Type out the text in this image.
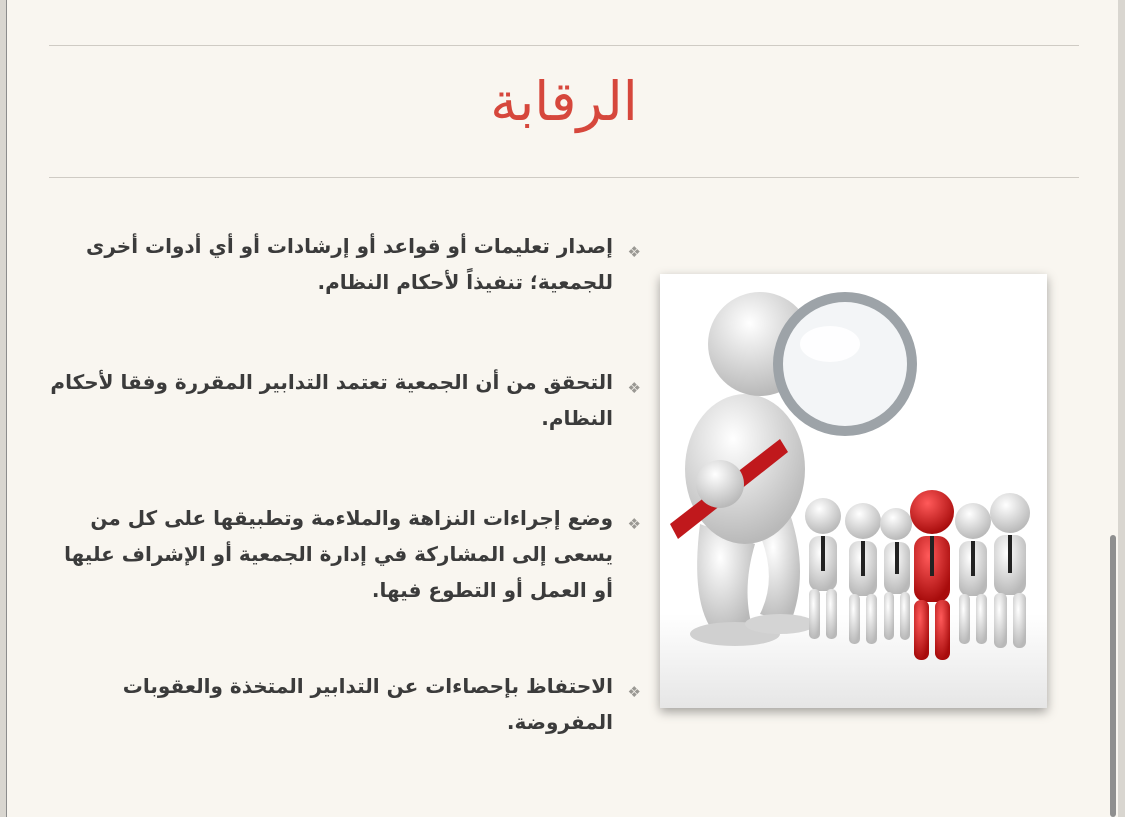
الرقابة
❖
إصدار تعليمات أو قواعد أو إرشادات أو أي أدوات أخرى للجمعية؛ تنفيذاً لأحكام النظام.
❖
التحقق من أن الجمعية تعتمد التدابير المقررة وفقا لأحكام النظام.
❖
وضع إجراءات النزاهة والملاءمة وتطبيقها على كل من يسعى إلى المشاركة في إدارة الجمعية أو الإشراف عليها أو العمل أو التطوع فيها.
❖
الاحتفاظ بإحصاءات عن التدابير المتخذة والعقوبات المفروضة.
